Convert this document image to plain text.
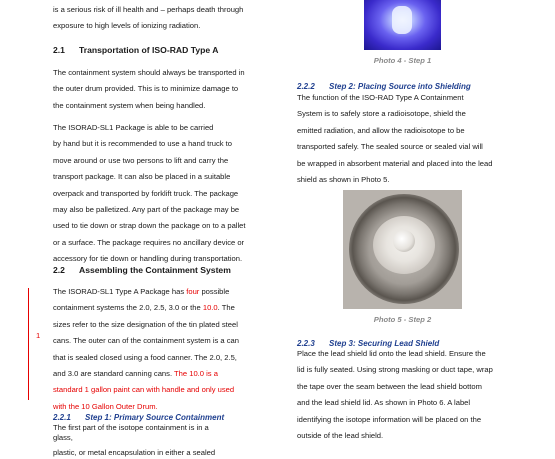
is a serious risk of ill health and – perhaps death through

exposure to high levels of ionizing radiation.

2.1 Transportation of ISO-RAD Type A

The containment system should always be transported in

the outer drum provided. This is to minimize damage to

the containment system when being handled.

The ISORAD-SL1 Package is able to be carried

by hand but it is recommended to use a hand truck to

move around or use two persons to lift and carry the

transport package. It can also be placed in a suitable

overpack and transported by forklift truck. The package

may also be palletized. Any part of the package may be

used to tie down or strap down the package on to a pallet

or a surface. The package requires no ancillary device or

accessory for tie down or handling during transportation.

2.2 Assembling the Containment System
1

The ISORAD-SL1 Type A Package has four possible

containment systems the 2.0, 2.5, 3.0 or the 10.0. The

sizes refer to the size designation of the tin plated steel

cans. The outer can of the containment system is a can

that is sealed closed using a food canner. The 2.0, 2.5,

and 3.0 are standard canning cans. The 10.0 is a

standard 1 gallon paint can with handle and only used

with the 10 Gallon Outer Drum.

2.2.1 Step 1: Primary Source Containment

The first part of the isotope containment is in a

glass,

plastic, or metal encapsulation in either a sealed

Photo 4 - Step 1
2.2.2 Step 2: Placing Source into Shielding

The function of the ISO-RAD Type A Containment

System is to safely store a radioisotope, shield the

emitted radiation, and allow the radioisotope to be

transported safely. The sealed source or sealed vial will

be wrapped in absorbent material and placed into the lead

shield as shown in Photo 5.

Photo 5 - Step 2
2.2.3 Step 3: Securing Lead Shield

Place the lead shield lid onto the lead shield. Ensure the

lid is fully seated. Using strong masking or duct tape, wrap

the tape over the seam between the lead shield bottom

and the lead shield lid. As shown in Photo 6. A label

identifying the isotope information will be placed on the

outside of the lead shield.
